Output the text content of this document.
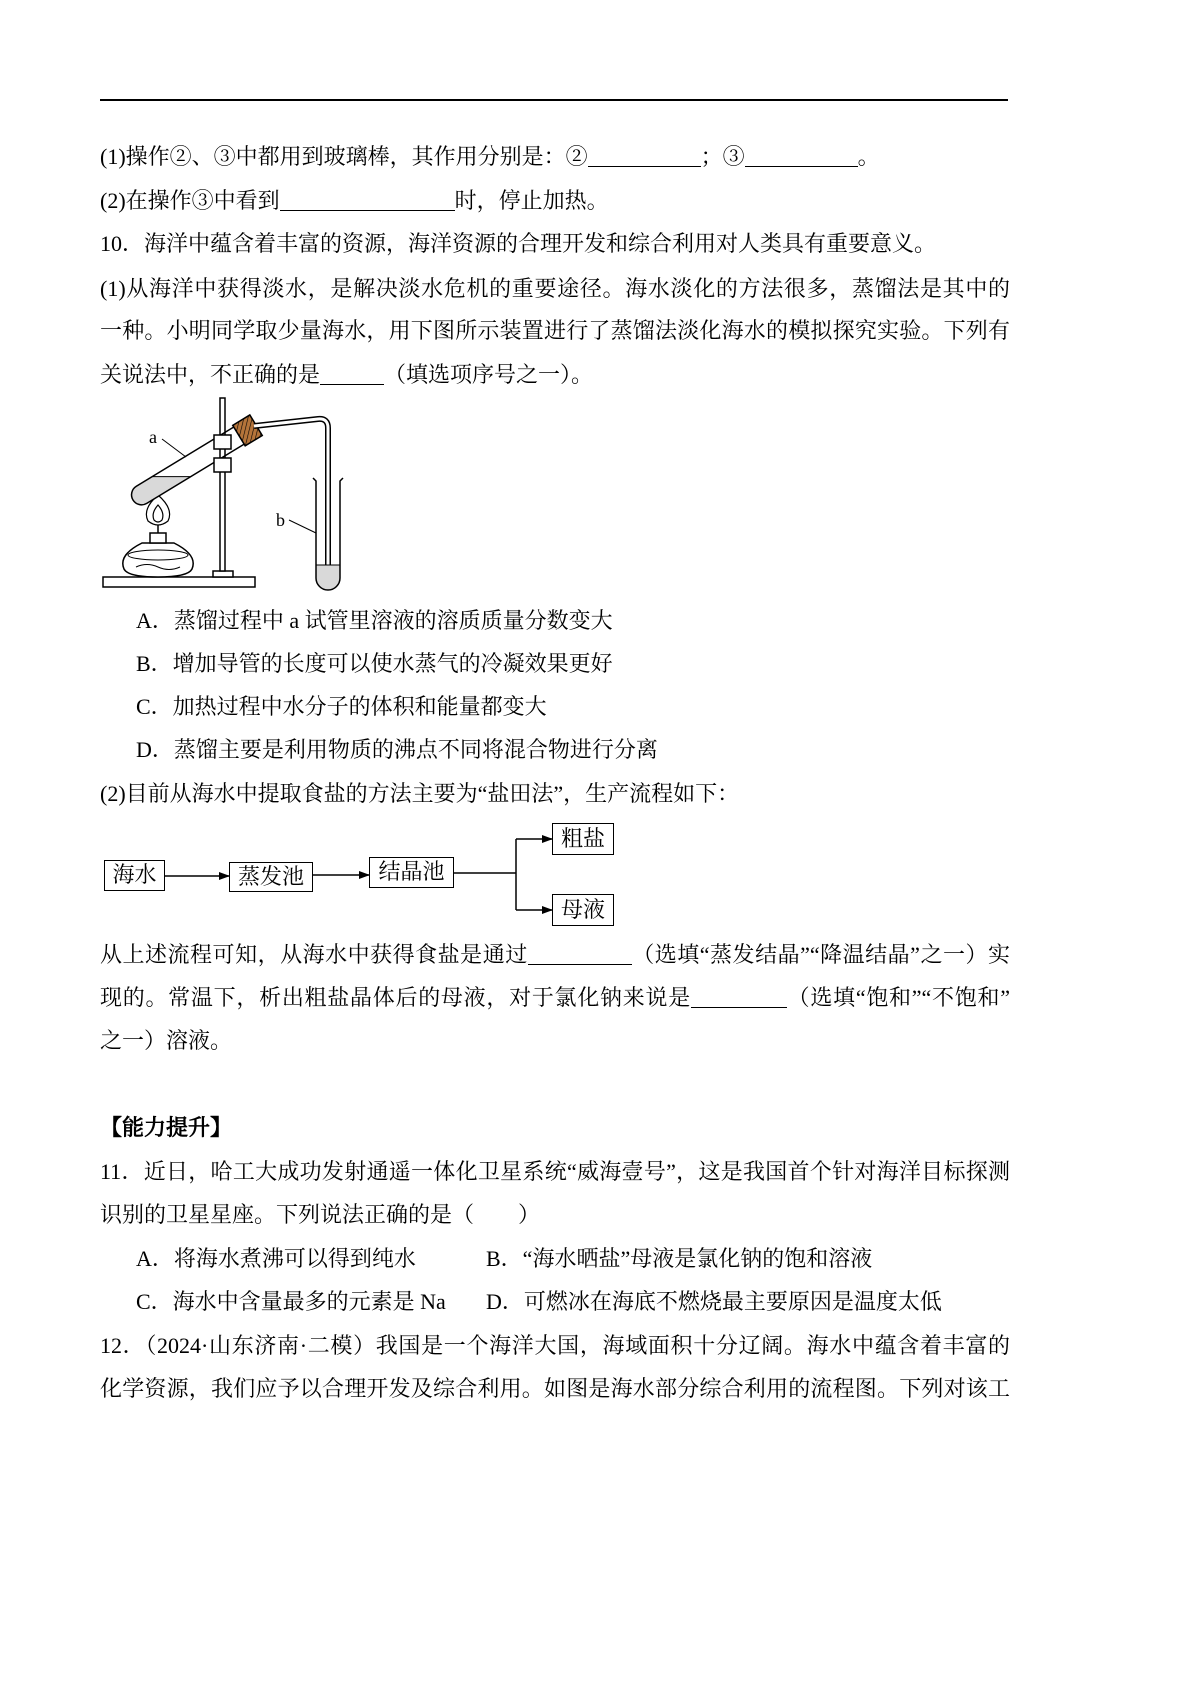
(1)操作②、③中都用到玻璃棒，其作用分别是：②	；③	。
(2)在操作③中看到	时，停止加热。
10．海洋中蕴含着丰富的资源，海洋资源的合理开发和综合利用对人类具有重要意义。
(1)从海洋中获得淡水，是解决淡水危机的重要途径。海水淡化的方法很多，蒸馏法是其中的
一种。小明同学取少量海水，用下图所示装置进行了蒸馏法淡化海水的模拟探究实验。下列有
关说法中，不正确的是	（填选项序号之一）。
a
b
A．蒸馏过程中 a 试管里溶液的溶质质量分数变大
B．增加导管的长度可以使水蒸气的冷凝效果更好
C．加热过程中水分子的体积和能量都变大
D．蒸馏主要是利用物质的沸点不同将混合物进行分离
(2)目前从海水中提取食盐的方法主要为“盐田法”，生产流程如下：
海水	蒸发池	结晶池
粗盐
母液
从上述流程可知，从海水中获得食盐是通过	（选填“蒸发结晶”“降温结晶”之一）实
现的。常温下，析出粗盐晶体后的母液，对于氯化钠来说是	（选填“饱和”“不饱和”
之一）溶液。
【能力提升】
11．近日，哈工大成功发射通遥一体化卫星系统“威海壹号”，这是我国首个针对海洋目标探测
识别的卫星星座。下列说法正确的是（　　）
A．将海水煮沸可以得到纯水	B．“海水晒盐”母液是氯化钠的饱和溶液
C．海水中含量最多的元素是 Na D．可燃冰在海底不燃烧最主要原因是温度太低
12．（2024·山东济南·二模）我国是一个海洋大国，海域面积十分辽阔。海水中蕴含着丰富的
化学资源，我们应予以合理开发及综合利用。如图是海水部分综合利用的流程图。下列对该工
